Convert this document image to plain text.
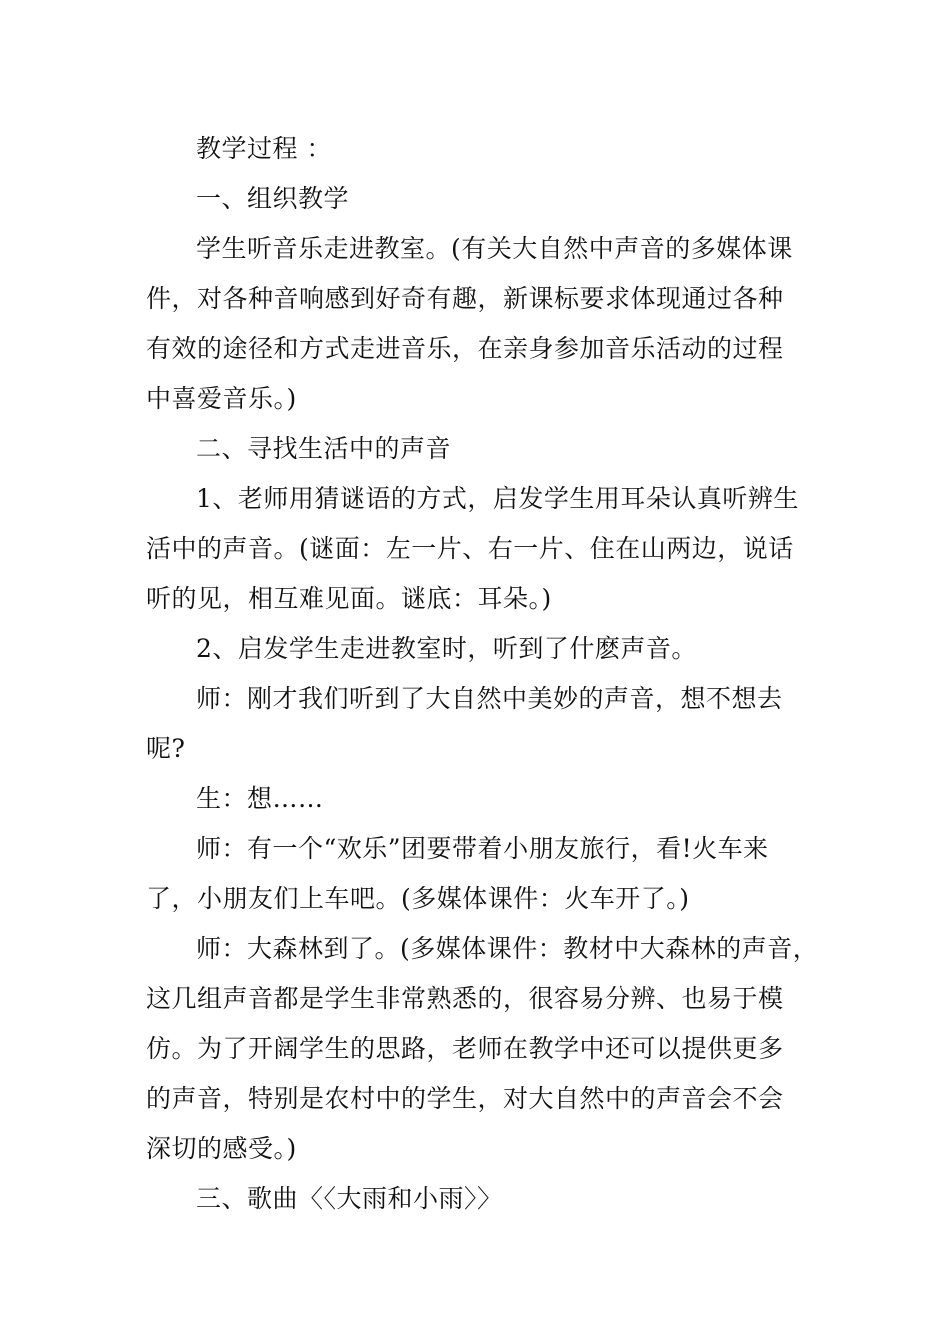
教学过程 ：
一、组织教学
学生听音乐走进教室。(有关大自然中声音的多媒体课
件，对各种音响感到好奇有趣，新课标要求体现通过各种
有效的途径和方式走进音乐，在亲身参加音乐活动的过程
中喜爱音乐。)
二、寻找生活中的声音
1、老师用猜谜语的方式，启发学生用耳朵认真听辨生
活中的声音。(谜面：左一片、右一片、住在山两边，说话
听的见，相互难见面。谜底：耳朵。)
2、启发学生走进教室时，听到了什麽声音。
师：刚才我们听到了大自然中美妙的声音，想不想去
呢?
生：想……
师：有一个“欢乐”团要带着小朋友旅行，看!火车来
了，小朋友们上车吧。(多媒体课件：火车开了。)
师：大森林到了。(多媒体课件：教材中大森林的声音，
这几组声音都是学生非常熟悉的，很容易分辨、也易于模
仿。为了开阔学生的思路，老师在教学中还可以提供更多
的声音，特别是农村中的学生，对大自然中的声音会不会
深切的感受。)
三、歌曲〈〈大雨和小雨〉〉
